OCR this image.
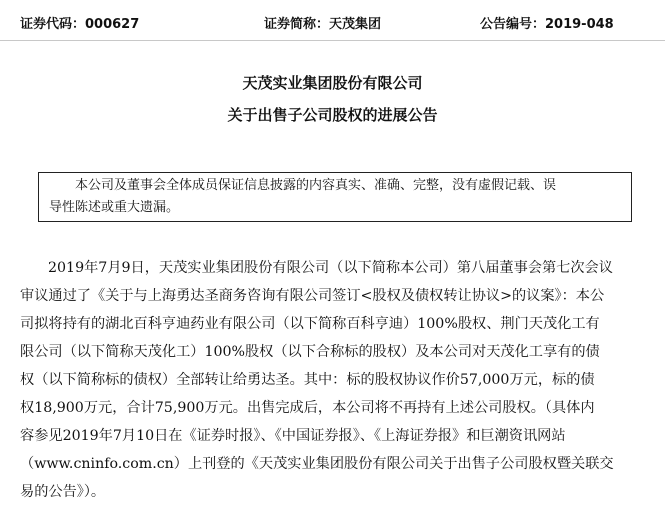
证券代码：000627	证券简称：天茂集团	公告编号：2019-048
天茂实业集团股份有限公司
关于出售子公司股权的进展公告
本公司及董事会全体成员保证信息披露的内容真实、准确、完整，没有虚假记载、误
导性陈述或重大遗漏。
2019年7月9日，天茂实业集团股份有限公司（以下简称本公司）第八届董事会第七次会议
审议通过了《关于与上海勇达圣商务咨询有限公司签订<股权及债权转让协议>的议案》：本公
司拟将持有的湖北百科亨迪药业有限公司（以下简称百科亨迪）100%股权、荆门天茂化工有
限公司（以下简称天茂化工）100%股权（以下合称标的股权）及本公司对天茂化工享有的债
权（以下简称标的债权）全部转让给勇达圣。其中：标的股权协议作价57,000万元，标的债
权18,900万元，合计75,900万元。出售完成后，本公司将不再持有上述公司股权。（具体内
容参见2019年7月10日在《证券时报》、《中国证券报》、《上海证券报》和巨潮资讯网站
（www.cninfo.com.cn）上刊登的《天茂实业集团股份有限公司关于出售子公司股权暨关联交
易的公告》）。
